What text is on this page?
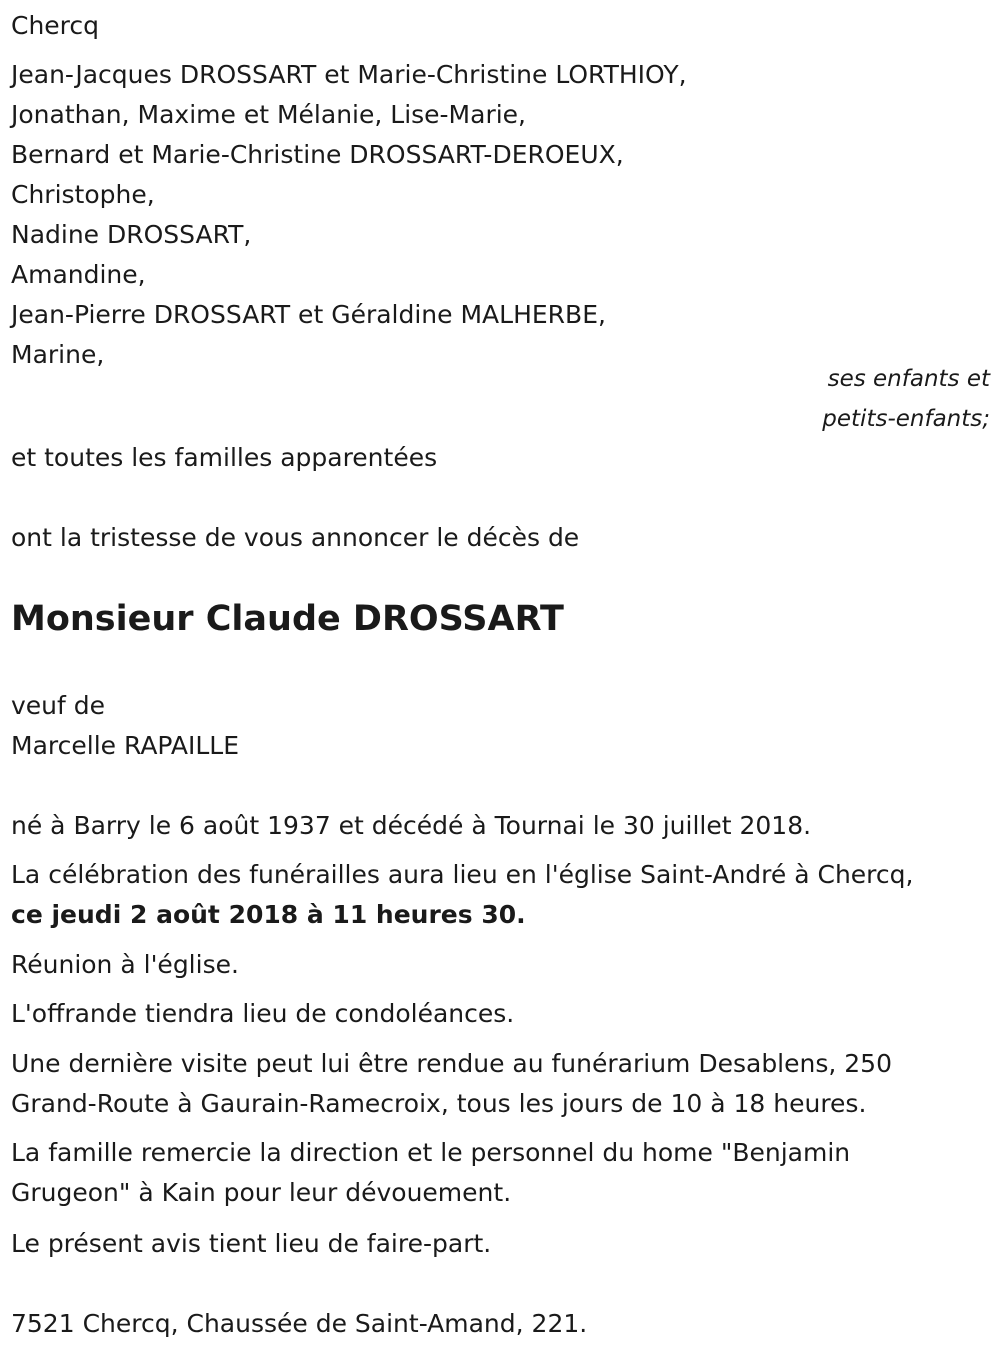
Chercq
Jean-Jacques DROSSART et Marie-Christine LORTHIOY,
Jonathan, Maxime et Mélanie, Lise-Marie,
Bernard et Marie-Christine DROSSART-DEROEUX,
Christophe,
Nadine DROSSART,
Amandine,
Jean-Pierre DROSSART et Géraldine MALHERBE,
Marine,
ses enfants et
petits-enfants;
et toutes les familles apparentées
ont la tristesse de vous annoncer le décès de
Monsieur Claude DROSSART
veuf de
Marcelle RAPAILLE
né à Barry le 6 août 1937 et décédé à Tournai le 30 juillet 2018.
La célébration des funérailles aura lieu en l'église Saint-André à Chercq,
ce jeudi 2 août 2018 à 11 heures 30.
Réunion à l'église.
L'offrande tiendra lieu de condoléances.
Une dernière visite peut lui être rendue au funérarium Desablens, 250
Grand-Route à Gaurain-Ramecroix, tous les jours de 10 à 18 heures.
La famille remercie la direction et le personnel du home "Benjamin
Grugeon" à Kain pour leur dévouement.
Le présent avis tient lieu de faire-part.
7521 Chercq, Chaussée de Saint-Amand, 221.
